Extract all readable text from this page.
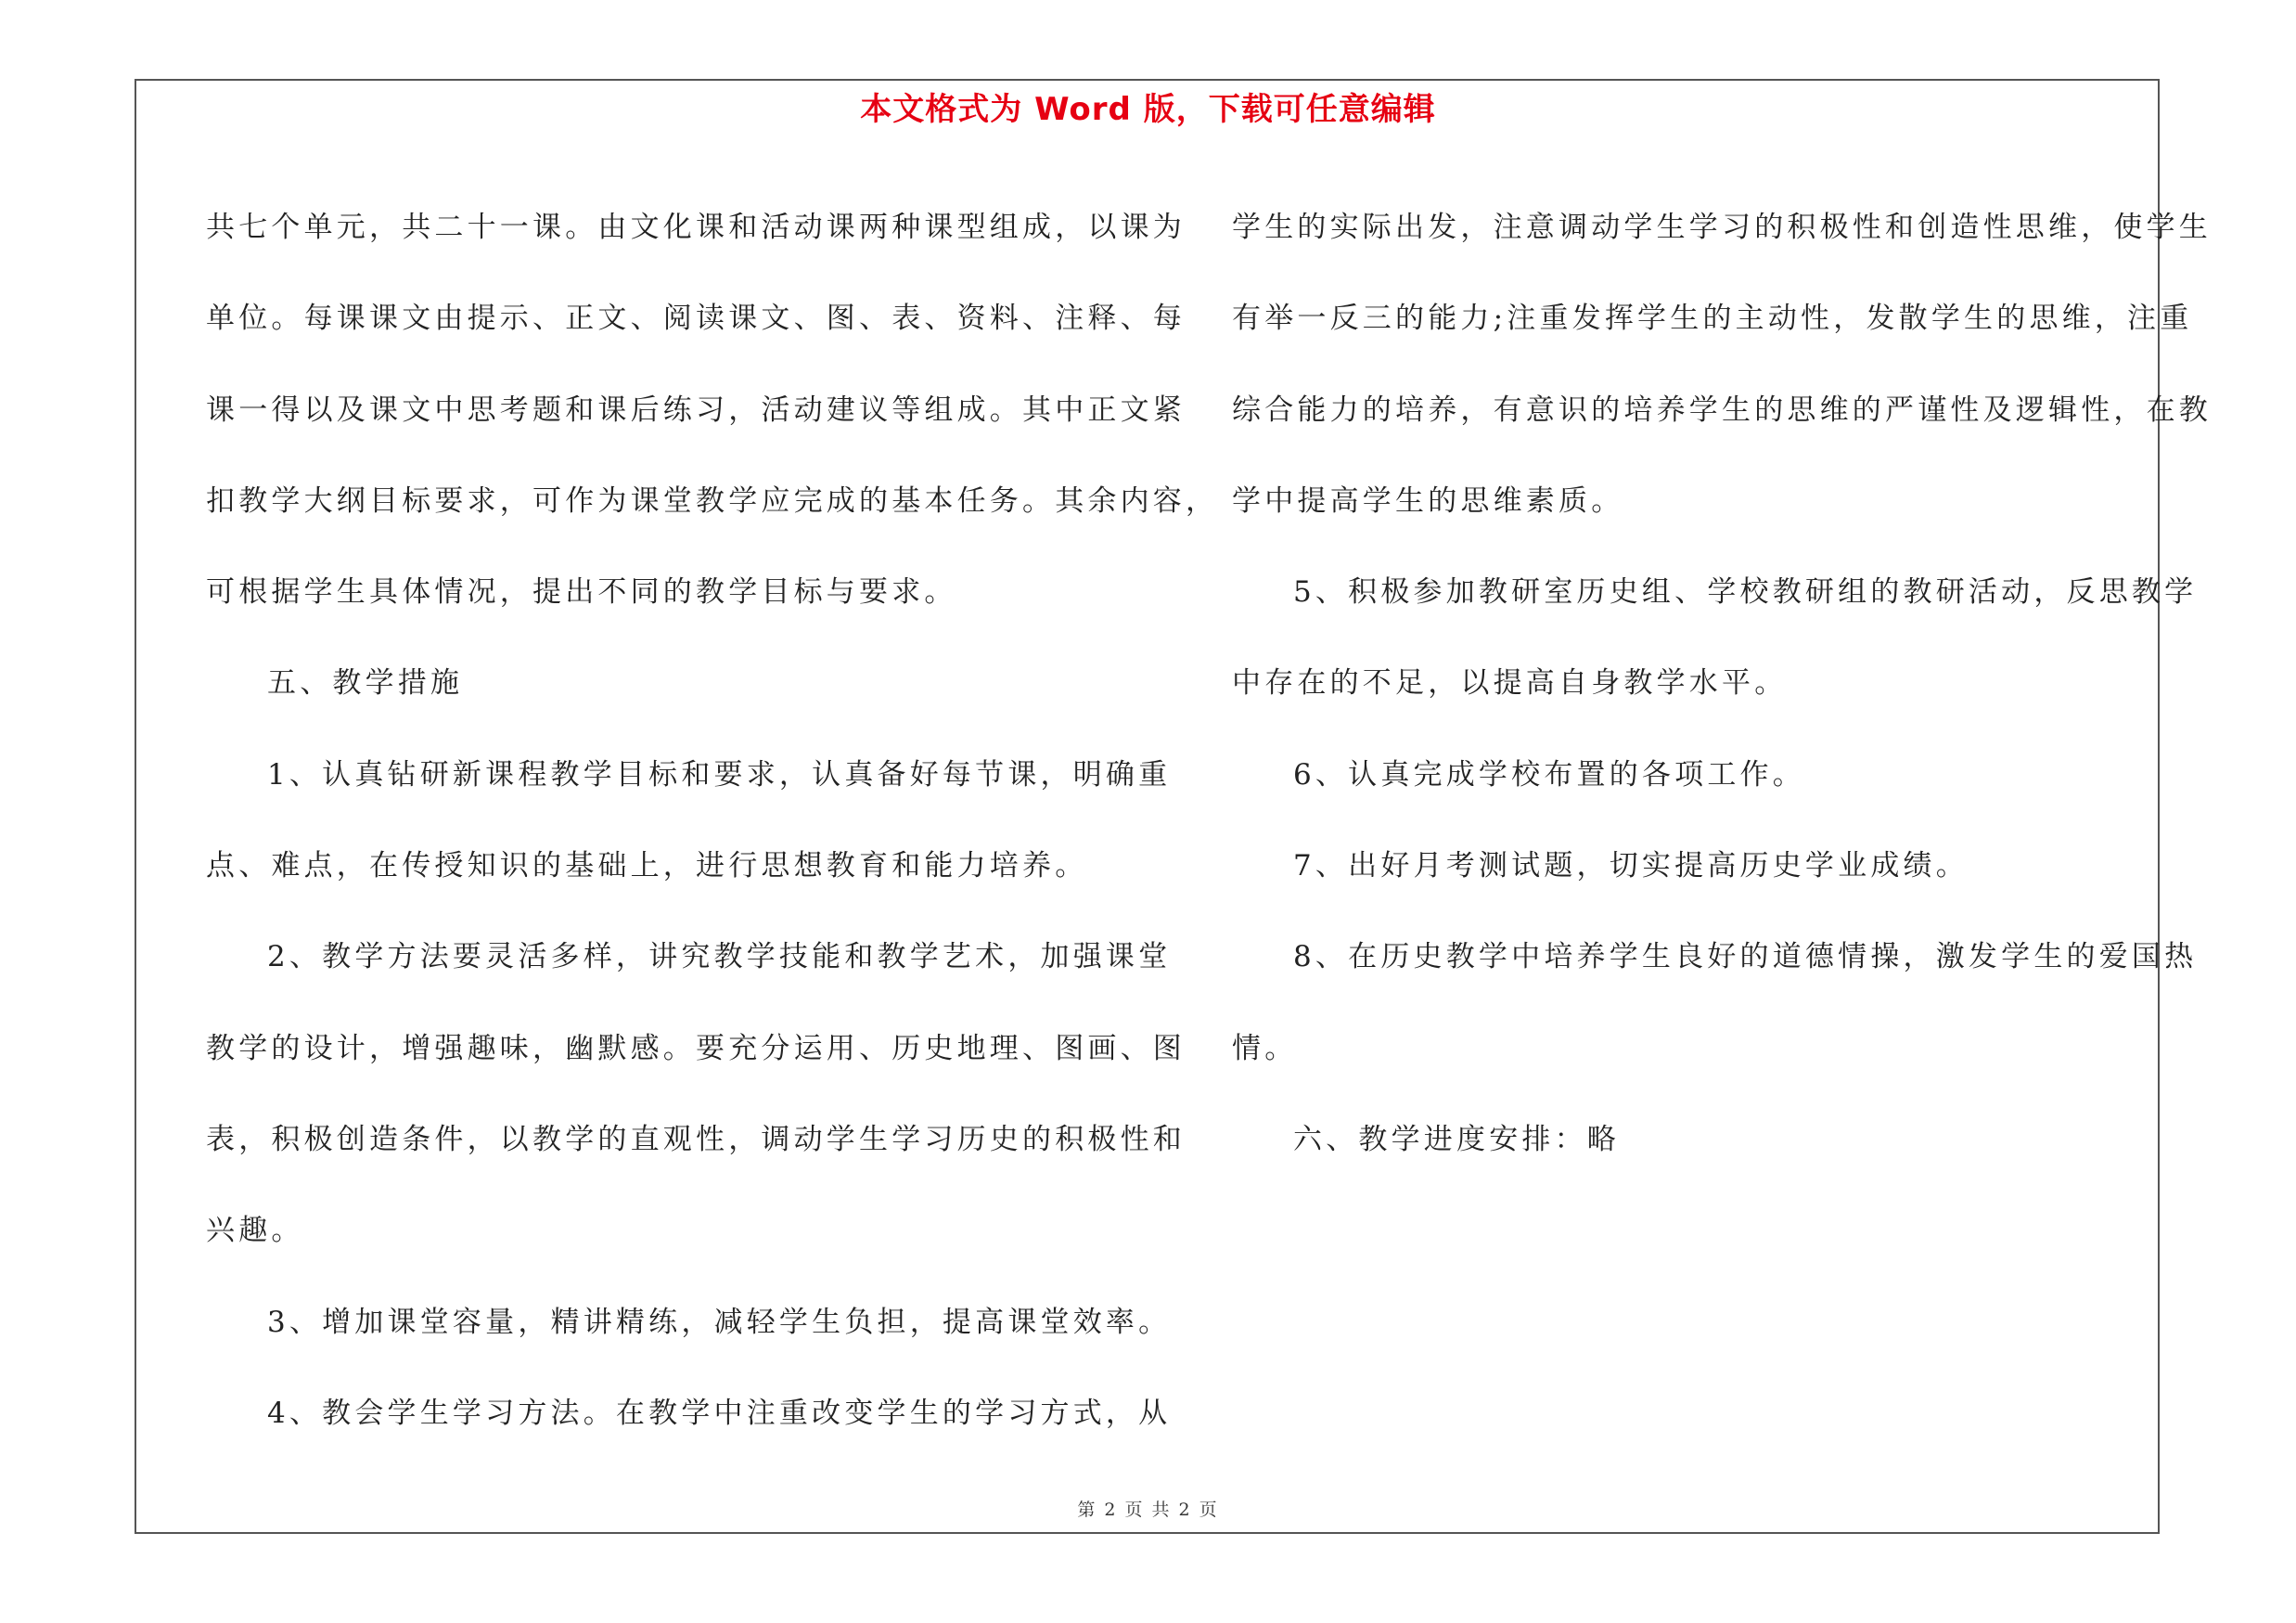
本文格式为 Word 版，下载可任意编辑
共七个单元，共二十一课。由文化课和活动课两种课型组成，以课为
单位。每课课文由提示、正文、阅读课文、图、表、资料、注释、每
课一得以及课文中思考题和课后练习，活动建议等组成。其中正文紧
扣教学大纲目标要求，可作为课堂教学应完成的基本任务。其余内容，
可根据学生具体情况，提出不同的教学目标与要求。
五、教学措施
1、认真钻研新课程教学目标和要求，认真备好每节课，明确重
点、难点，在传授知识的基础上，进行思想教育和能力培养。
2、教学方法要灵活多样，讲究教学技能和教学艺术，加强课堂
教学的设计，增强趣味，幽默感。要充分运用、历史地理、图画、图
表，积极创造条件，以教学的直观性，调动学生学习历史的积极性和
兴趣。
3、增加课堂容量，精讲精练，减轻学生负担，提高课堂效率。
4、教会学生学习方法。在教学中注重改变学生的学习方式，从
学生的实际出发，注意调动学生学习的积极性和创造性思维，使学生
有举一反三的能力;注重发挥学生的主动性，发散学生的思维，注重
综合能力的培养，有意识的培养学生的思维的严谨性及逻辑性，在教
学中提高学生的思维素质。
5、积极参加教研室历史组、学校教研组的教研活动，反思教学
中存在的不足，以提高自身教学水平。
6、认真完成学校布置的各项工作。
7、出好月考测试题，切实提高历史学业成绩。
8、在历史教学中培养学生良好的道德情操，激发学生的爱国热
情。
六、教学进度安排：略
第 2 页 共 2 页
